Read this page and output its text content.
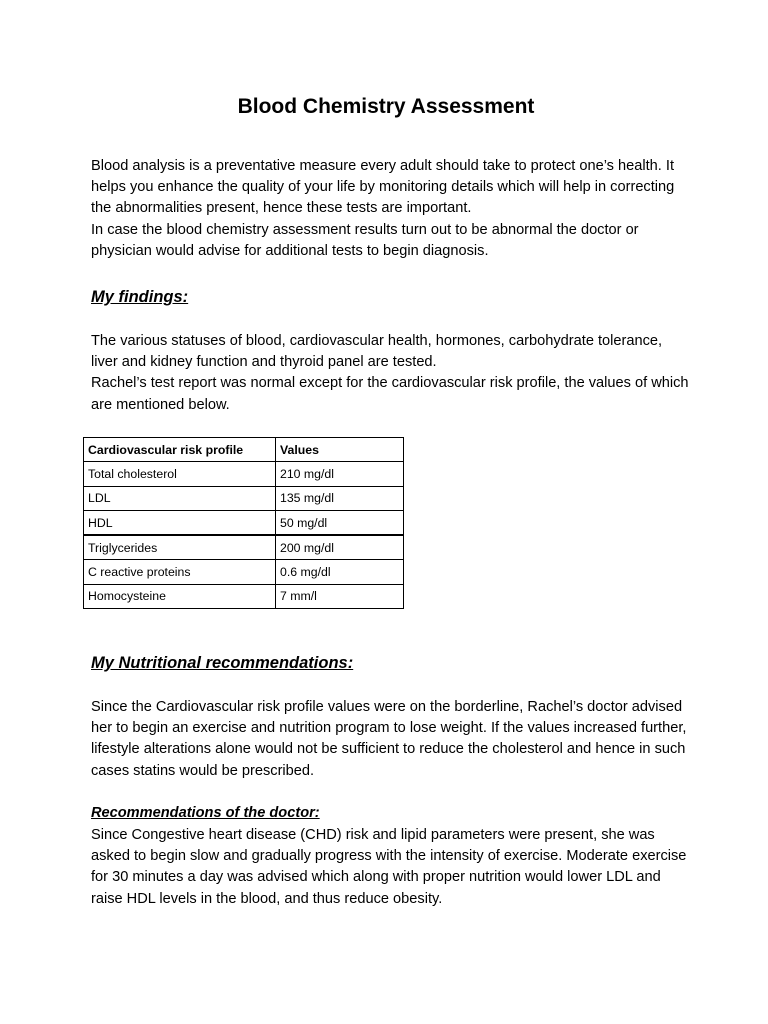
Blood Chemistry Assessment
Blood analysis is a preventative measure every adult should take to protect one’s health. It helps you enhance the quality of your life by monitoring details which will help in correcting the abnormalities present, hence these tests are important.
In case the blood chemistry assessment results turn out to be abnormal the doctor or physician would advise for additional tests to begin diagnosis.
My findings:
The various statuses of blood, cardiovascular health, hormones, carbohydrate tolerance, liver and kidney function and thyroid panel are tested.
Rachel’s test report was normal except for the cardiovascular risk profile, the values of which are mentioned below.
Cardiovascular risk profile	Values
Total cholesterol	210 mg/dl
LDL	135 mg/dl
HDL	50 mg/dl
Triglycerides	200 mg/dl
C reactive proteins	0.6 mg/dl
Homocysteine	7 mm/l
My Nutritional recommendations:

Since the Cardiovascular risk profile values were on the borderline, Rachel’s doctor advised her to begin an exercise and nutrition program to lose weight. If the values increased further, lifestyle alterations alone would not be sufficient to reduce the cholesterol and hence in such cases statins would be prescribed.

Recommendations of the doctor:

Since Congestive heart disease (CHD) risk and lipid parameters were present, she was asked to begin slow and gradually progress with the intensity of exercise. Moderate exercise for 30 minutes a day was advised which along with proper nutrition would lower LDL and raise HDL levels in the blood, and thus reduce obesity.
